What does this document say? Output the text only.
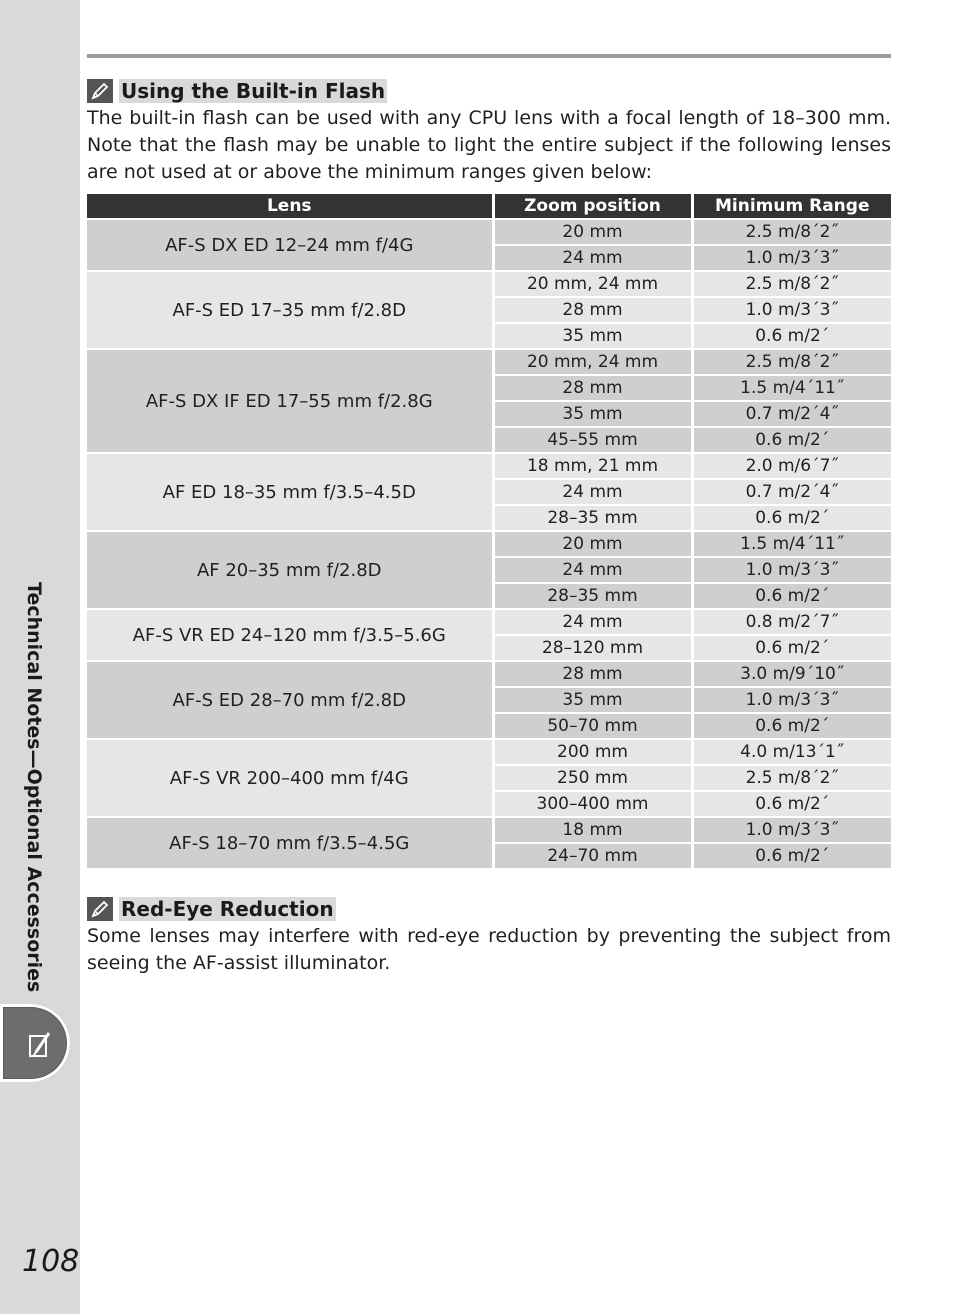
Technical Notes—Optional Accessories
108
Using the Built-in Flash
The built-in flash can be used with any CPU lens with a focal length of 18–300 mm. Note that the flash may be unable to light the entire subject if the following lenses are not used at or above the minimum ranges given below:
Lens	Zoom position	Minimum Range
AF-S DX ED 12–24 mm f/4G	20 mm	2.5 m/8´2˝
	24 mm	1.0 m/3´3˝
AF-S ED 17–35 mm f/2.8D	20 mm, 24 mm	2.5 m/8´2˝
	28 mm	1.0 m/3´3˝
	35 mm	0.6 m/2´
AF-S DX IF ED 17–55 mm f/2.8G	20 mm, 24 mm	2.5 m/8´2˝
	28 mm	1.5 m/4´11˝
	35 mm	0.7 m/2´4˝
	45–55 mm	0.6 m/2´
AF ED 18–35 mm f/3.5–4.5D	18 mm, 21 mm	2.0 m/6´7˝
	24 mm	0.7 m/2´4˝
	28–35 mm	0.6 m/2´
AF 20–35 mm f/2.8D	20 mm	1.5 m/4´11˝
	24 mm	1.0 m/3´3˝
	28–35 mm	0.6 m/2´
AF-S VR ED 24–120 mm f/3.5–5.6G	24 mm	0.8 m/2´7˝
	28–120 mm	0.6 m/2´
AF-S ED 28–70 mm f/2.8D	28 mm	3.0 m/9´10˝
	35 mm	1.0 m/3´3˝
	50–70 mm	0.6 m/2´
AF-S VR 200–400 mm f/4G	200 mm	4.0 m/13´1˝
	250 mm	2.5 m/8´2˝
	300–400 mm	0.6 m/2´
AF-S 18–70 mm f/3.5–4.5G	18 mm	1.0 m/3´3˝
	24–70 mm	0.6 m/2´
Red-Eye Reduction
Some lenses may interfere with red-eye reduction by preventing the subject from seeing the AF-assist illuminator.
